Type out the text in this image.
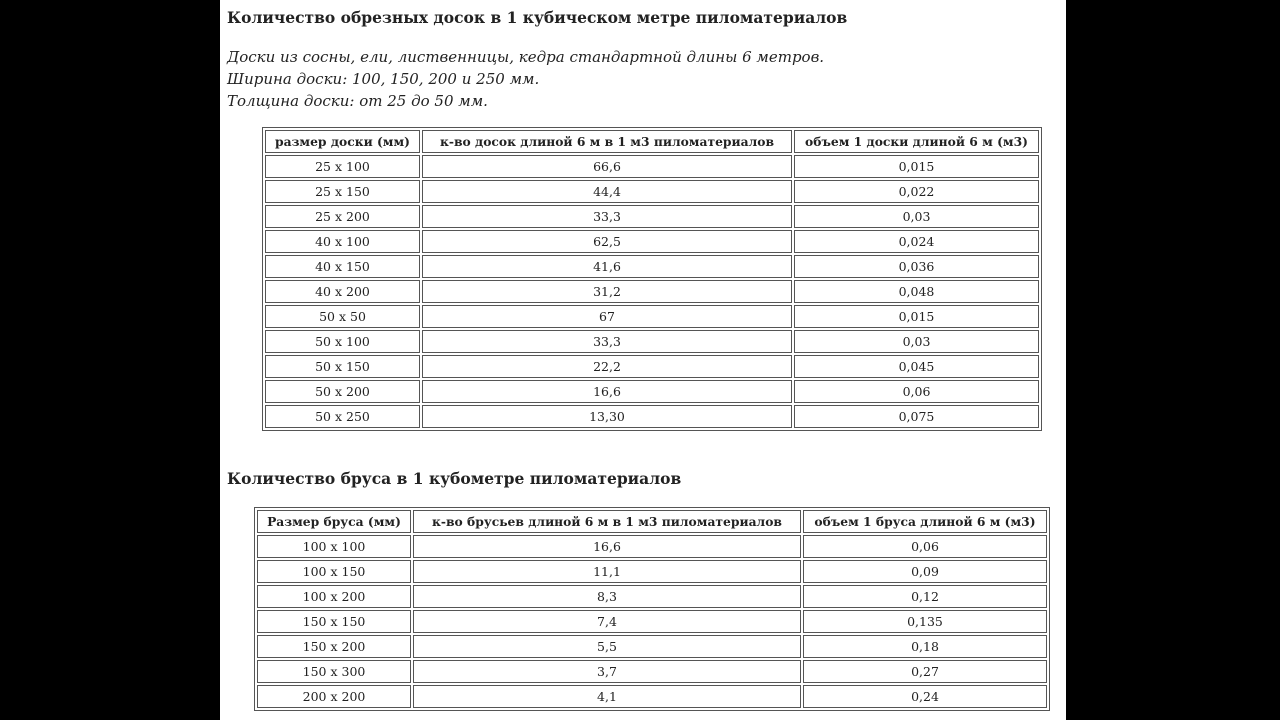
Количество обрезных досок в 1 кубическом метре пиломатериалов
Доски из сосны, ели, лиственницы, кедра стандартной длины 6 метров.
Ширина доски: 100, 150, 200 и 250 мм.
Толщина доски: от 25 до 50 мм.
размер доски (мм)	к-во досок длиной 6 м в 1 м3 пиломатериалов	объем 1 доски длиной 6 м (м3)
25 х 100	66,6	0,015
25 х 150	44,4	0,022
25 х 200	33,3	0,03
40 х 100	62,5	0,024
40 х 150	41,6	0,036
40 х 200	31,2	0,048
50 х 50	67	0,015
50 х 100	33,3	0,03
50 х 150	22,2	0,045
50 х 200	16,6	0,06
50 х 250	13,30	0,075
Количество бруса в 1 кубометре пиломатериалов
Размер бруса (мм)	к-во брусьев длиной 6 м в 1 м3 пиломатериалов	объем 1 бруса длиной 6 м (м3)
100 х 100	16,6	0,06
100 х 150	11,1	0,09
100 х 200	8,3	0,12
150 х 150	7,4	0,135
150 х 200	5,5	0,18
150 х 300	3,7	0,27
200 х 200	4,1	0,24
